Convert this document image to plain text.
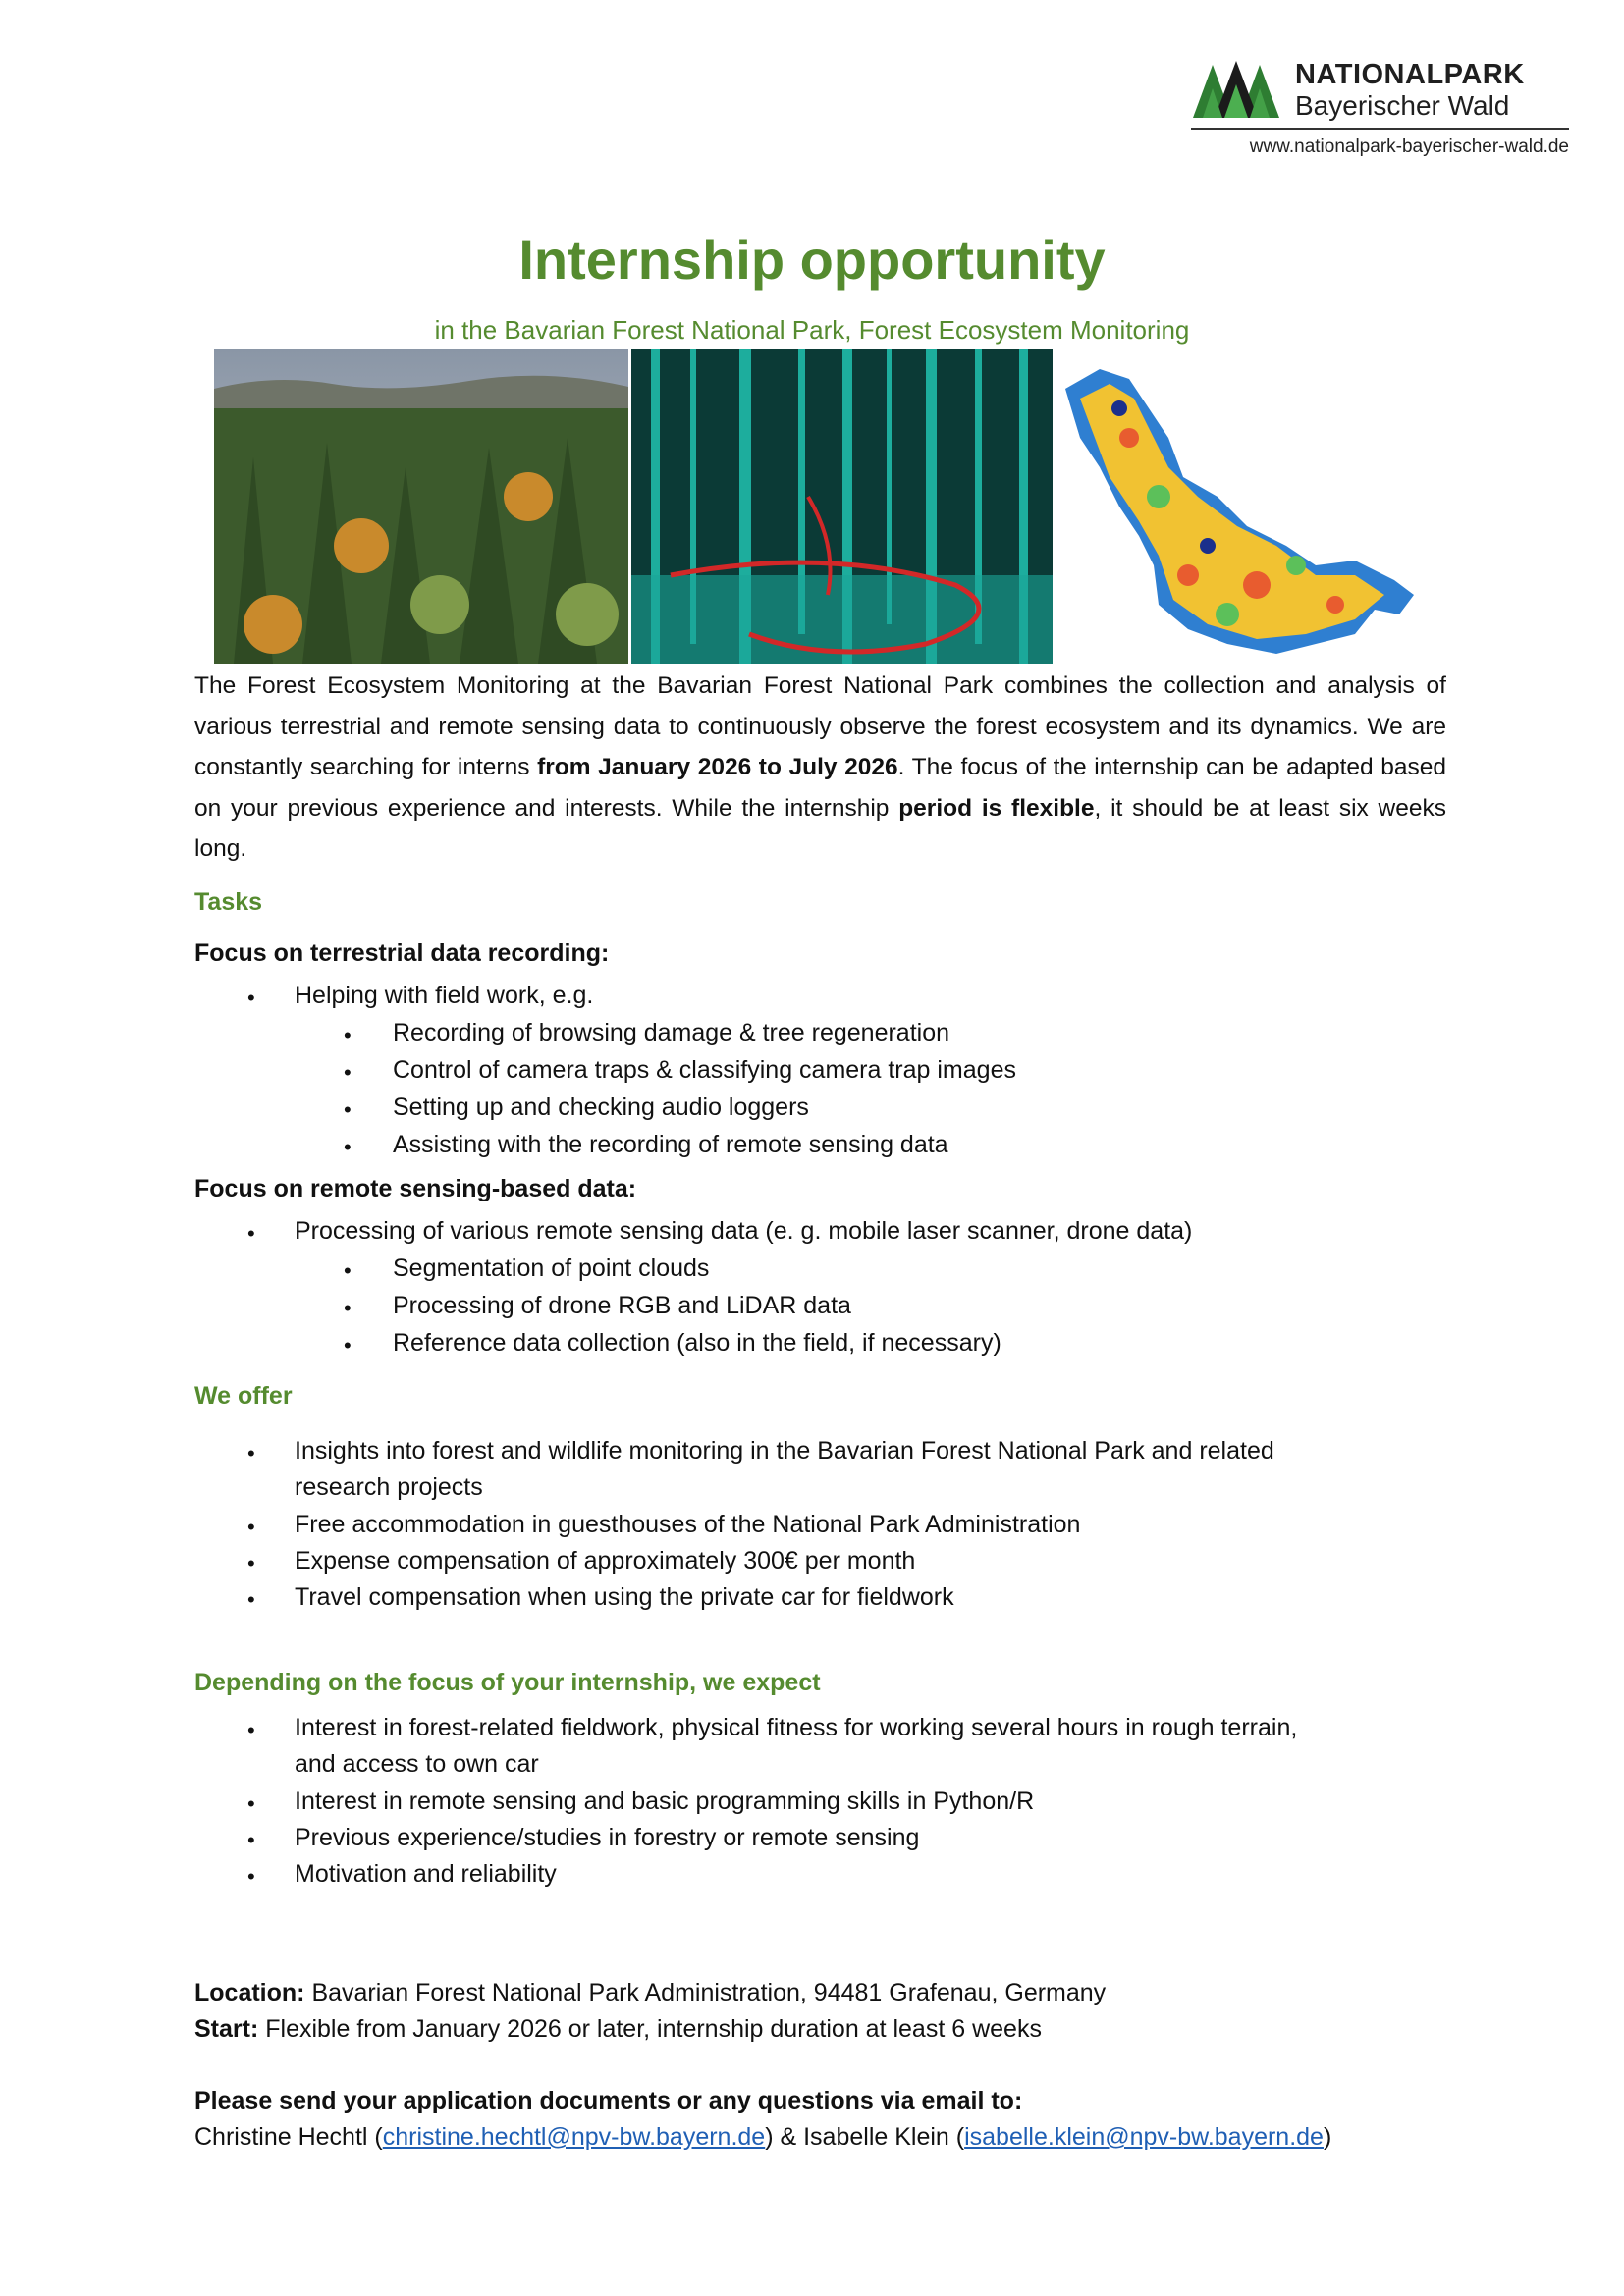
NATIONALPARK
Bayerischer Wald
www.nationalpark-bayerischer-wald.de
Internship opportunity
in the Bavarian Forest National Park, Forest Ecosystem Monitoring
The Forest Ecosystem Monitoring at the Bavarian Forest National Park combines the collection and analysis of various terrestrial and remote sensing data to continuously observe the forest ecosystem and its dynamics. We are constantly searching for interns from January 2026 to July 2026. The focus of the internship can be adapted based on your previous experience and interests. While the internship period is flexible, it should be at least six weeks long.
Tasks
Focus on terrestrial data recording:
• Helping with field work, e.g.
• Recording of browsing damage & tree regeneration
• Control of camera traps & classifying camera trap images
• Setting up and checking audio loggers
• Assisting with the recording of remote sensing data
Focus on remote sensing-based data:
• Processing of various remote sensing data (e. g. mobile laser scanner, drone data)
• Segmentation of point clouds
• Processing of drone RGB and LiDAR data
• Reference data collection (also in the field, if necessary)
We offer
• Insights into forest and wildlife monitoring in the Bavarian Forest National Park and related
research projects
• Free accommodation in guesthouses of the National Park Administration
• Expense compensation of approximately 300€ per month
• Travel compensation when using the private car for fieldwork
Depending on the focus of your internship, we expect
• Interest in forest-related fieldwork, physical fitness for working several hours in rough terrain,
and access to own car
• Interest in remote sensing and basic programming skills in Python/R
• Previous experience/studies in forestry or remote sensing
• Motivation and reliability
Location: Bavarian Forest National Park Administration, 94481 Grafenau, Germany
Start: Flexible from January 2026 or later, internship duration at least 6 weeks
Please send your application documents or any questions via email to:
Christine Hechtl (christine.hechtl@npv-bw.bayern.de) & Isabelle Klein (isabelle.klein@npv-bw.bayern.de)
